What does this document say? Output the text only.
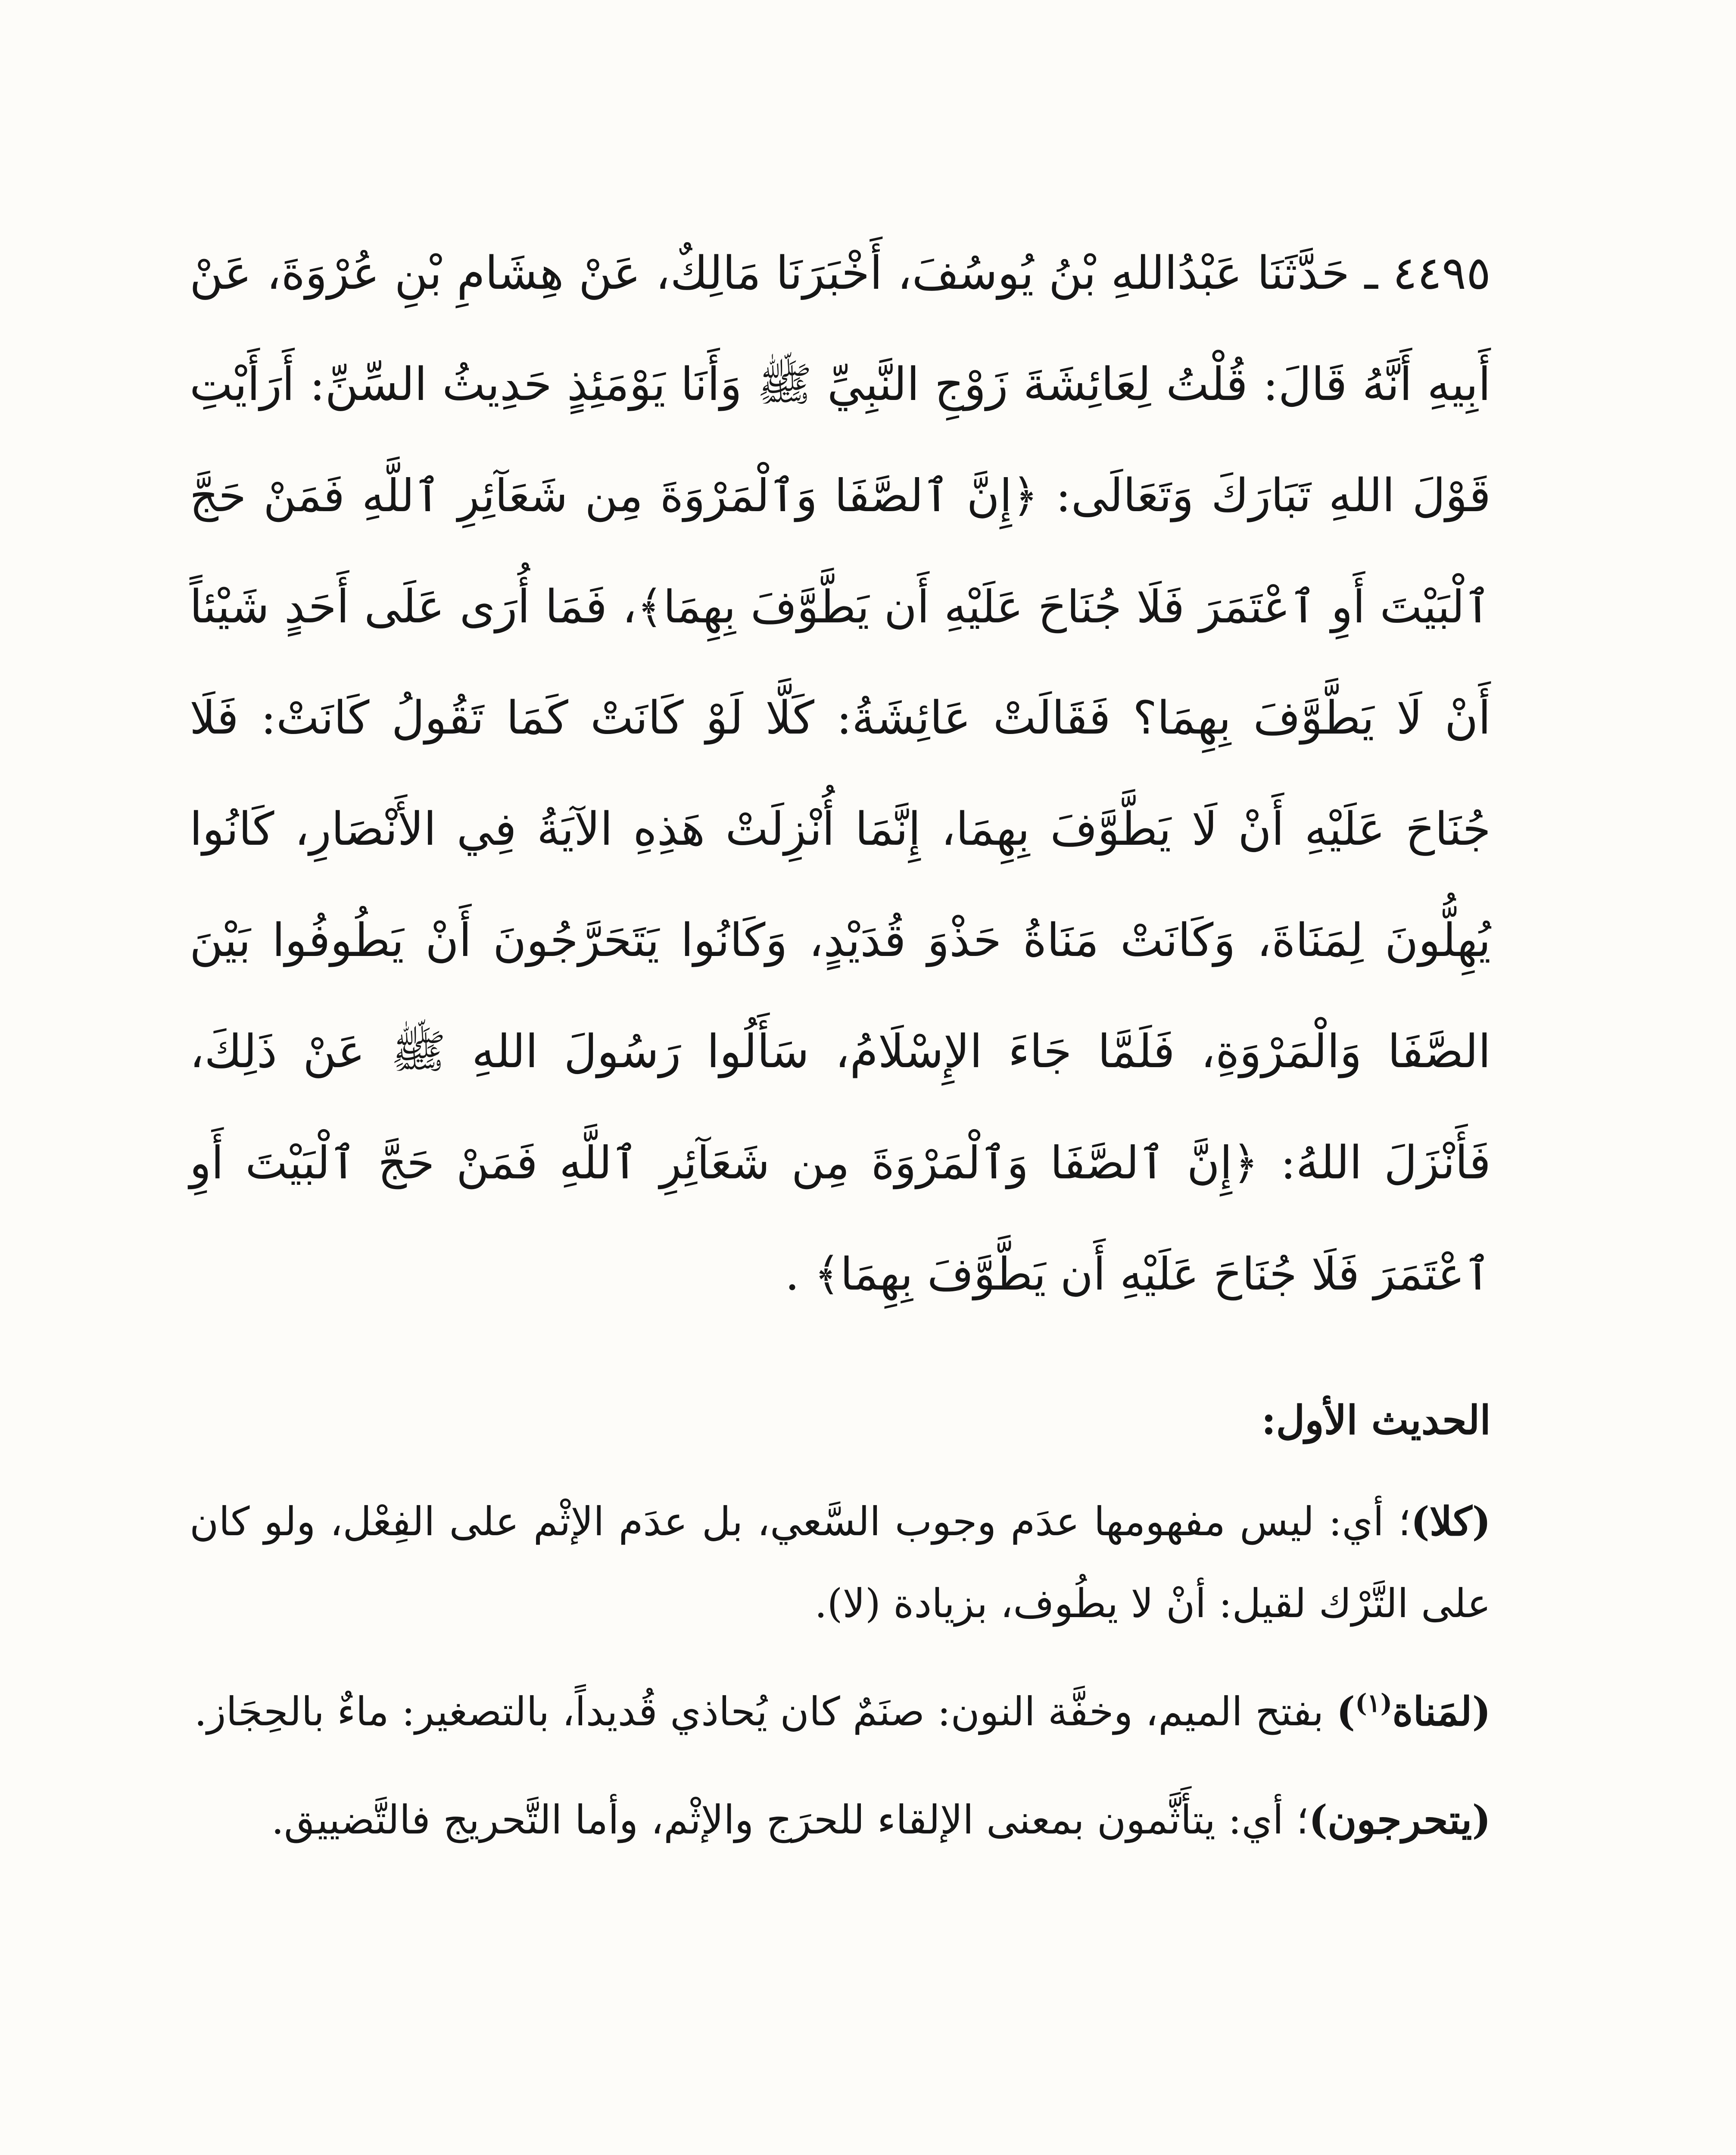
٤٤٩٥ ـ حَدَّثَنَا عَبْدُاللهِ بْنُ يُوسُفَ، أَخْبَرَنَا مَالِكٌ، عَنْ هِشَامِ بْنِ عُرْوَةَ، عَنْ أَبِيهِ أَنَّهُ قَالَ: قُلْتُ لِعَائِشَةَ زَوْجِ النَّبِيِّ ﷺ وَأَنَا يَوْمَئِذٍ حَدِيثُ السِّنِّ: أَرَأَيْتِ قَوْلَ اللهِ تَبَارَكَ وَتَعَالَى: ﴿إِنَّ ٱلصَّفَا وَٱلْمَرْوَةَ مِن شَعَآئِرِ ٱللَّهِ فَمَنْ حَجَّ ٱلْبَيْتَ أَوِ ٱعْتَمَرَ فَلَا جُنَاحَ عَلَيْهِ أَن يَطَّوَّفَ بِهِمَا﴾، فَمَا أُرَى عَلَى أَحَدٍ شَيْئاً أَنْ لَا يَطَّوَّفَ بِهِمَا؟ فَقَالَتْ عَائِشَةُ: كَلَّا لَوْ كَانَتْ كَمَا تَقُولُ كَانَتْ: فَلَا جُنَاحَ عَلَيْهِ أَنْ لَا يَطَّوَّفَ بِهِمَا، إِنَّمَا أُنْزِلَتْ هَذِهِ الآيَةُ فِي الأَنْصَارِ، كَانُوا يُهِلُّونَ لِمَنَاةَ، وَكَانَتْ مَنَاةُ حَذْوَ قُدَيْدٍ، وَكَانُوا يَتَحَرَّجُونَ أَنْ يَطُوفُوا بَيْنَ الصَّفَا وَالْمَرْوَةِ، فَلَمَّا جَاءَ الإِسْلَامُ، سَأَلُوا رَسُولَ اللهِ ﷺ عَنْ ذَلِكَ، فَأَنْزَلَ اللهُ: ﴿إِنَّ ٱلصَّفَا وَٱلْمَرْوَةَ مِن شَعَآئِرِ ٱللَّهِ فَمَنْ حَجَّ ٱلْبَيْتَ أَوِ ٱعْتَمَرَ فَلَا جُنَاحَ عَلَيْهِ أَن يَطَّوَّفَ بِهِمَا﴾ .

الحديث الأول:

(كلا)؛ أي: ليس مفهومها عدَم وجوب السَّعي، بل عدَم الإثْم على الفِعْل، ولو كان على التَّرْك لقيل: أنْ لا يطُوف، بزيادة (لا).

(لمَناة$^{(١)}$) بفتح الميم، وخفَّة النون: صنَمٌ كان يُحاذي قُديداً، بالتصغير: ماءٌ بالحِجَاز.

(يتحرجون)؛ أي: يتأَثَّمون بمعنى الإلقاء للحرَج والإثْم، وأما التَّحريج فالتَّضييق.
